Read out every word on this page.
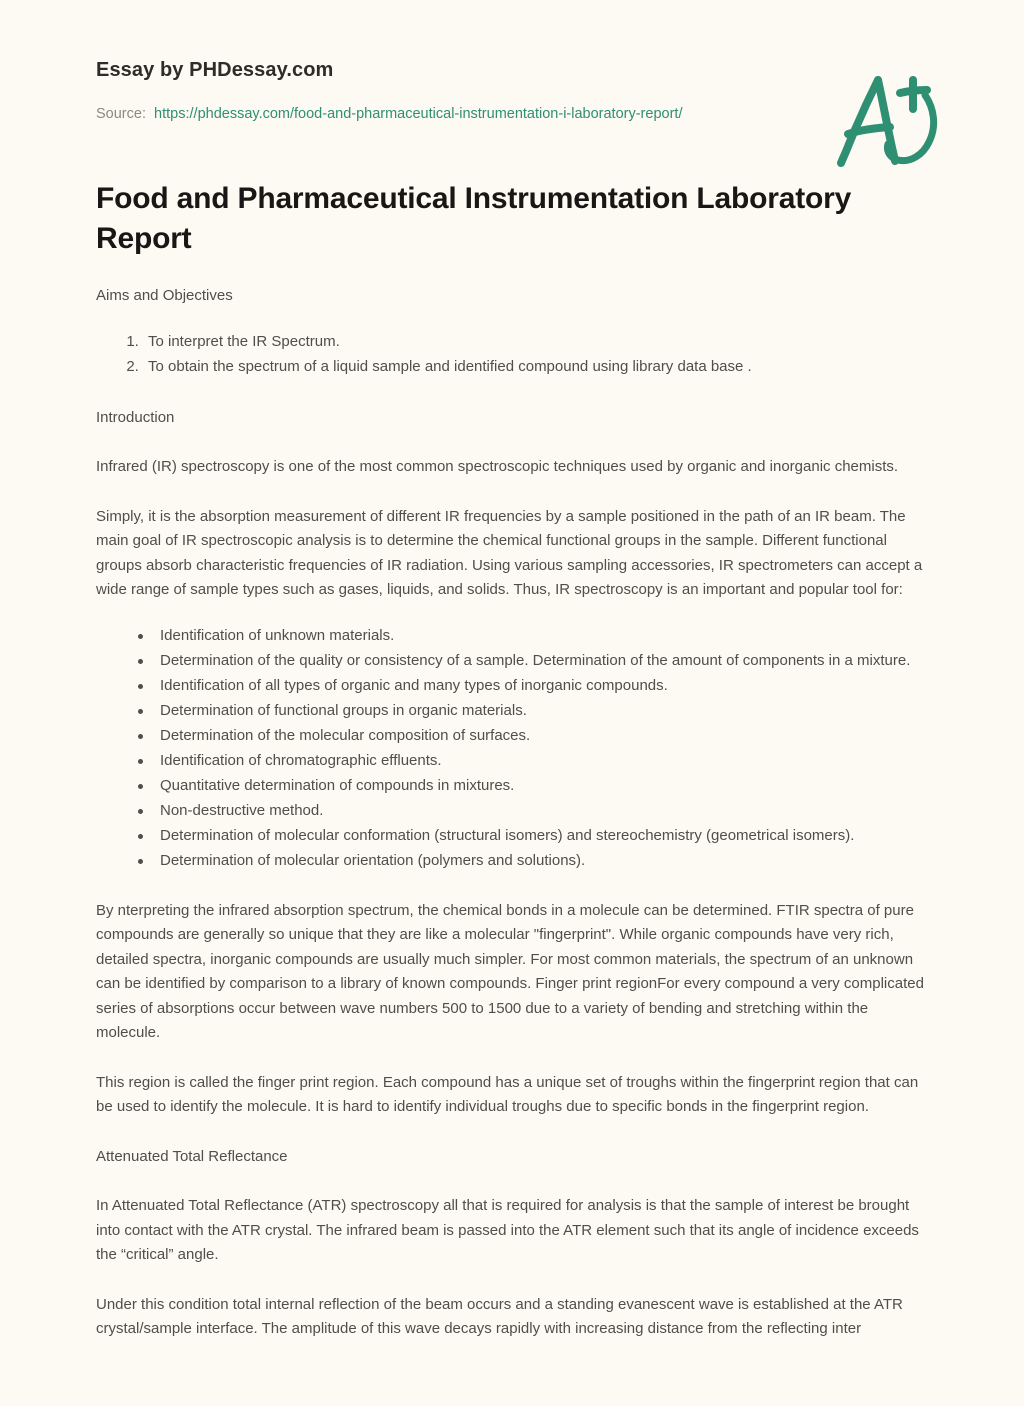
Essay by PHDessay.com
Source: https://phdessay.com/food-and-pharmaceutical-instrumentation-i-laboratory-report/
Food and Pharmaceutical Instrumentation Laboratory Report

Aims and Objectives

1. To interpret the IR Spectrum.
2. To obtain the spectrum of a liquid sample and identified compound using library data base .

Introduction

Infrared (IR) spectroscopy is one of the most common spectroscopic techniques used by organic and inorganic chemists.

Simply, it is the absorption measurement of different IR frequencies by a sample positioned in the path of an IR beam. The main goal of IR spectroscopic analysis is to determine the chemical functional groups in the sample. Different functional groups absorb characteristic frequencies of IR radiation. Using various sampling accessories, IR spectrometers can accept a wide range of sample types such as gases, liquids, and solids. Thus, IR spectroscopy is an important and popular tool for:

Identification of unknown materials.
Determination of the quality or consistency of a sample. Determination of the amount of components in a mixture.
Identification of all types of organic and many types of inorganic compounds.
Determination of functional groups in organic materials.
Determination of the molecular composition of surfaces.
Identification of chromatographic effluents.
Quantitative determination of compounds in mixtures.
Non-destructive method.
Determination of molecular conformation (structural isomers) and stereochemistry (geometrical isomers).
Determination of molecular orientation (polymers and solutions).

By nterpreting the infrared absorption spectrum, the chemical bonds in a molecule can be determined. FTIR spectra of pure compounds are generally so unique that they are like a molecular "fingerprint". While organic compounds have very rich, detailed spectra, inorganic compounds are usually much simpler. For most common materials, the spectrum of an unknown can be identified by comparison to a library of known compounds. Finger print regionFor every compound a very complicated series of absorptions occur between wave numbers 500 to 1500 due to a variety of bending and stretching within the molecule.

This region is called the finger print region. Each compound has a unique set of troughs within the fingerprint region that can be used to identify the molecule. It is hard to identify individual troughs due to specific bonds in the fingerprint region.

Attenuated Total Reflectance

In Attenuated Total Reflectance (ATR) spectroscopy all that is required for analysis is that the sample of interest be brought into contact with the ATR crystal. The infrared beam is passed into the ATR element such that its angle of incidence exceeds the “critical” angle.

Under this condition total internal reflection of the beam occurs and a standing evanescent wave is established at the ATR crystal/sample interface. The amplitude of this wave decays rapidly with increasing distance from the reflecting inter
